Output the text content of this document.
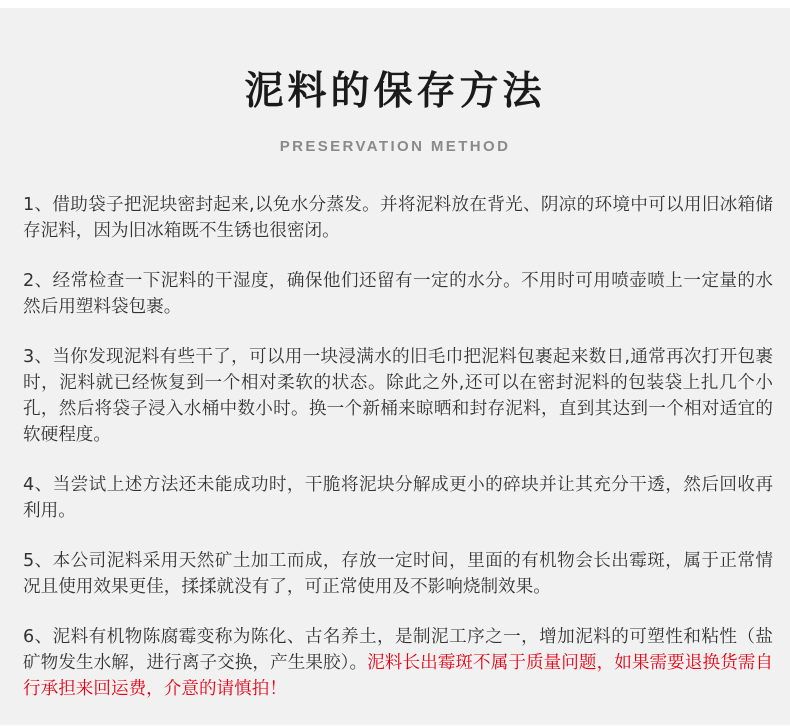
泥料的保存方法
PRESERVATION METHOD

1、借助袋子把泥块密封起来,以免水分蒸发。并将泥料放在背光、阴凉的环境中可以用旧冰箱储存泥料，因为旧冰箱既不生锈也很密闭。

2、经常检查一下泥料的干湿度，确保他们还留有一定的水分。不用时可用喷壶喷上一定量的水然后用塑料袋包裹。

3、当你发现泥料有些干了，可以用一块浸满水的旧毛巾把泥料包裹起来数日,通常再次打开包裹时，泥料就已经恢复到一个相对柔软的状态。除此之外,还可以在密封泥料的包装袋上扎几个小孔，然后将袋子浸入水桶中数小时。换一个新桶来晾晒和封存泥料，直到其达到一个相对适宜的软硬程度。

4、当尝试上述方法还未能成功时，干脆将泥块分解成更小的碎块并让其充分干透，然后回收再利用。

5、本公司泥料采用天然矿土加工而成，存放一定时间，里面的有机物会长出霉斑，属于正常情况且使用效果更佳，揉揉就没有了，可正常使用及不影响烧制效果。

6、泥料有机物陈腐霉变称为陈化、古名养土，是制泥工序之一，增加泥料的可塑性和粘性（盐矿物发生水解，进行离子交换，产生果胶）。泥料长出霉斑不属于质量问题，如果需要退换货需自行承担来回运费，介意的请慎拍！
